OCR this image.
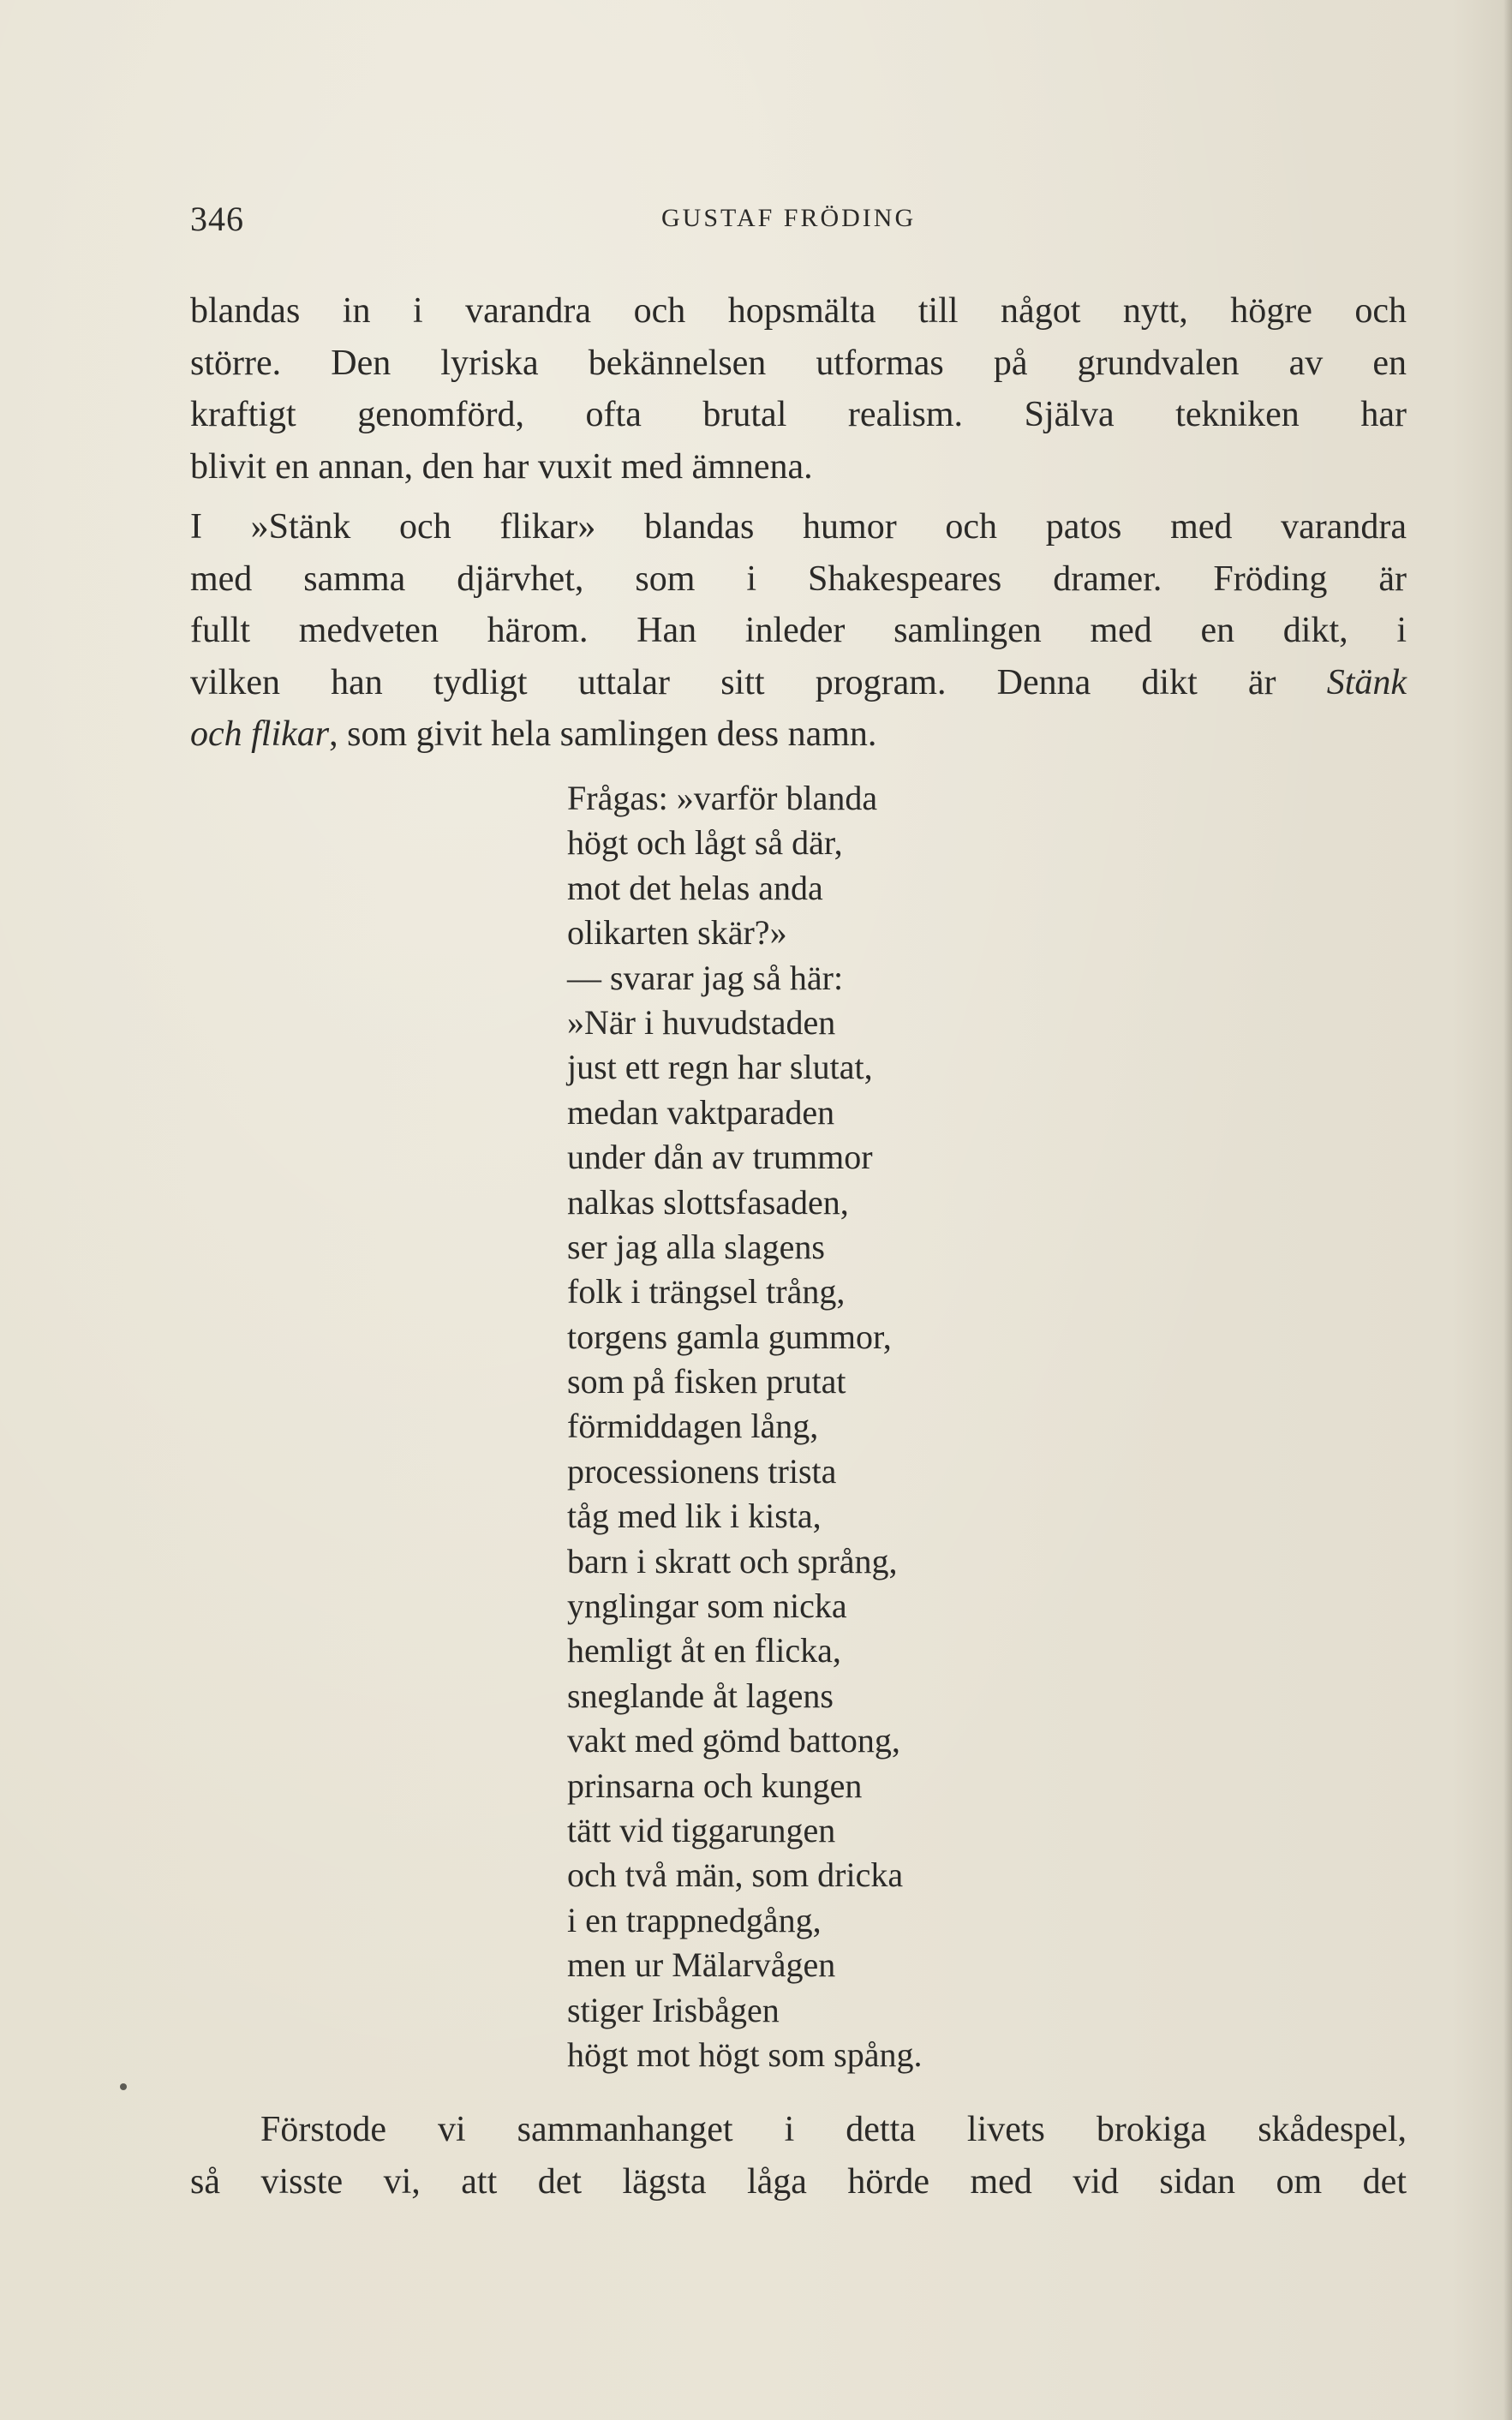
346	GUSTAF FRÖDING
blandas in i varandra och hopsmälta till något nytt, högre och
större. Den lyriska bekännelsen utformas på grundvalen av en
kraftigt genomförd, ofta brutal realism. Själva tekniken har
blivit en annan, den har vuxit med ämnena.
I »Stänk och flikar» blandas humor och patos med varandra
med samma djärvhet, som i Shakespeares dramer. Fröding är
fullt medveten härom. Han inleder samlingen med en dikt, i
vilken han tydligt uttalar sitt program. Denna dikt är Stänk
och flikar, som givit hela samlingen dess namn.
Frågas: »varför blanda
högt och lågt så där,
mot det helas anda
olikarten skär?»
— svarar jag så här:
»När i huvudstaden
just ett regn har slutat,
medan vaktparaden
under dån av trummor
nalkas slottsfasaden,
ser jag alla slagens
folk i trängsel trång,
torgens gamla gummor,
som på fisken prutat
förmiddagen lång,
processionens trista
tåg med lik i kista,
barn i skratt och språng,
ynglingar som nicka
hemligt åt en flicka,
sneglande åt lagens
vakt med gömd battong,
prinsarna och kungen
tätt vid tiggarungen
och två män, som dricka
i en trappnedgång,
men ur Mälarvågen
stiger Irisbågen
högt mot högt som spång.
Förstode vi sammanhanget i detta livets brokiga skådespel,
så visste vi, att det lägsta låga hörde med vid sidan om det
